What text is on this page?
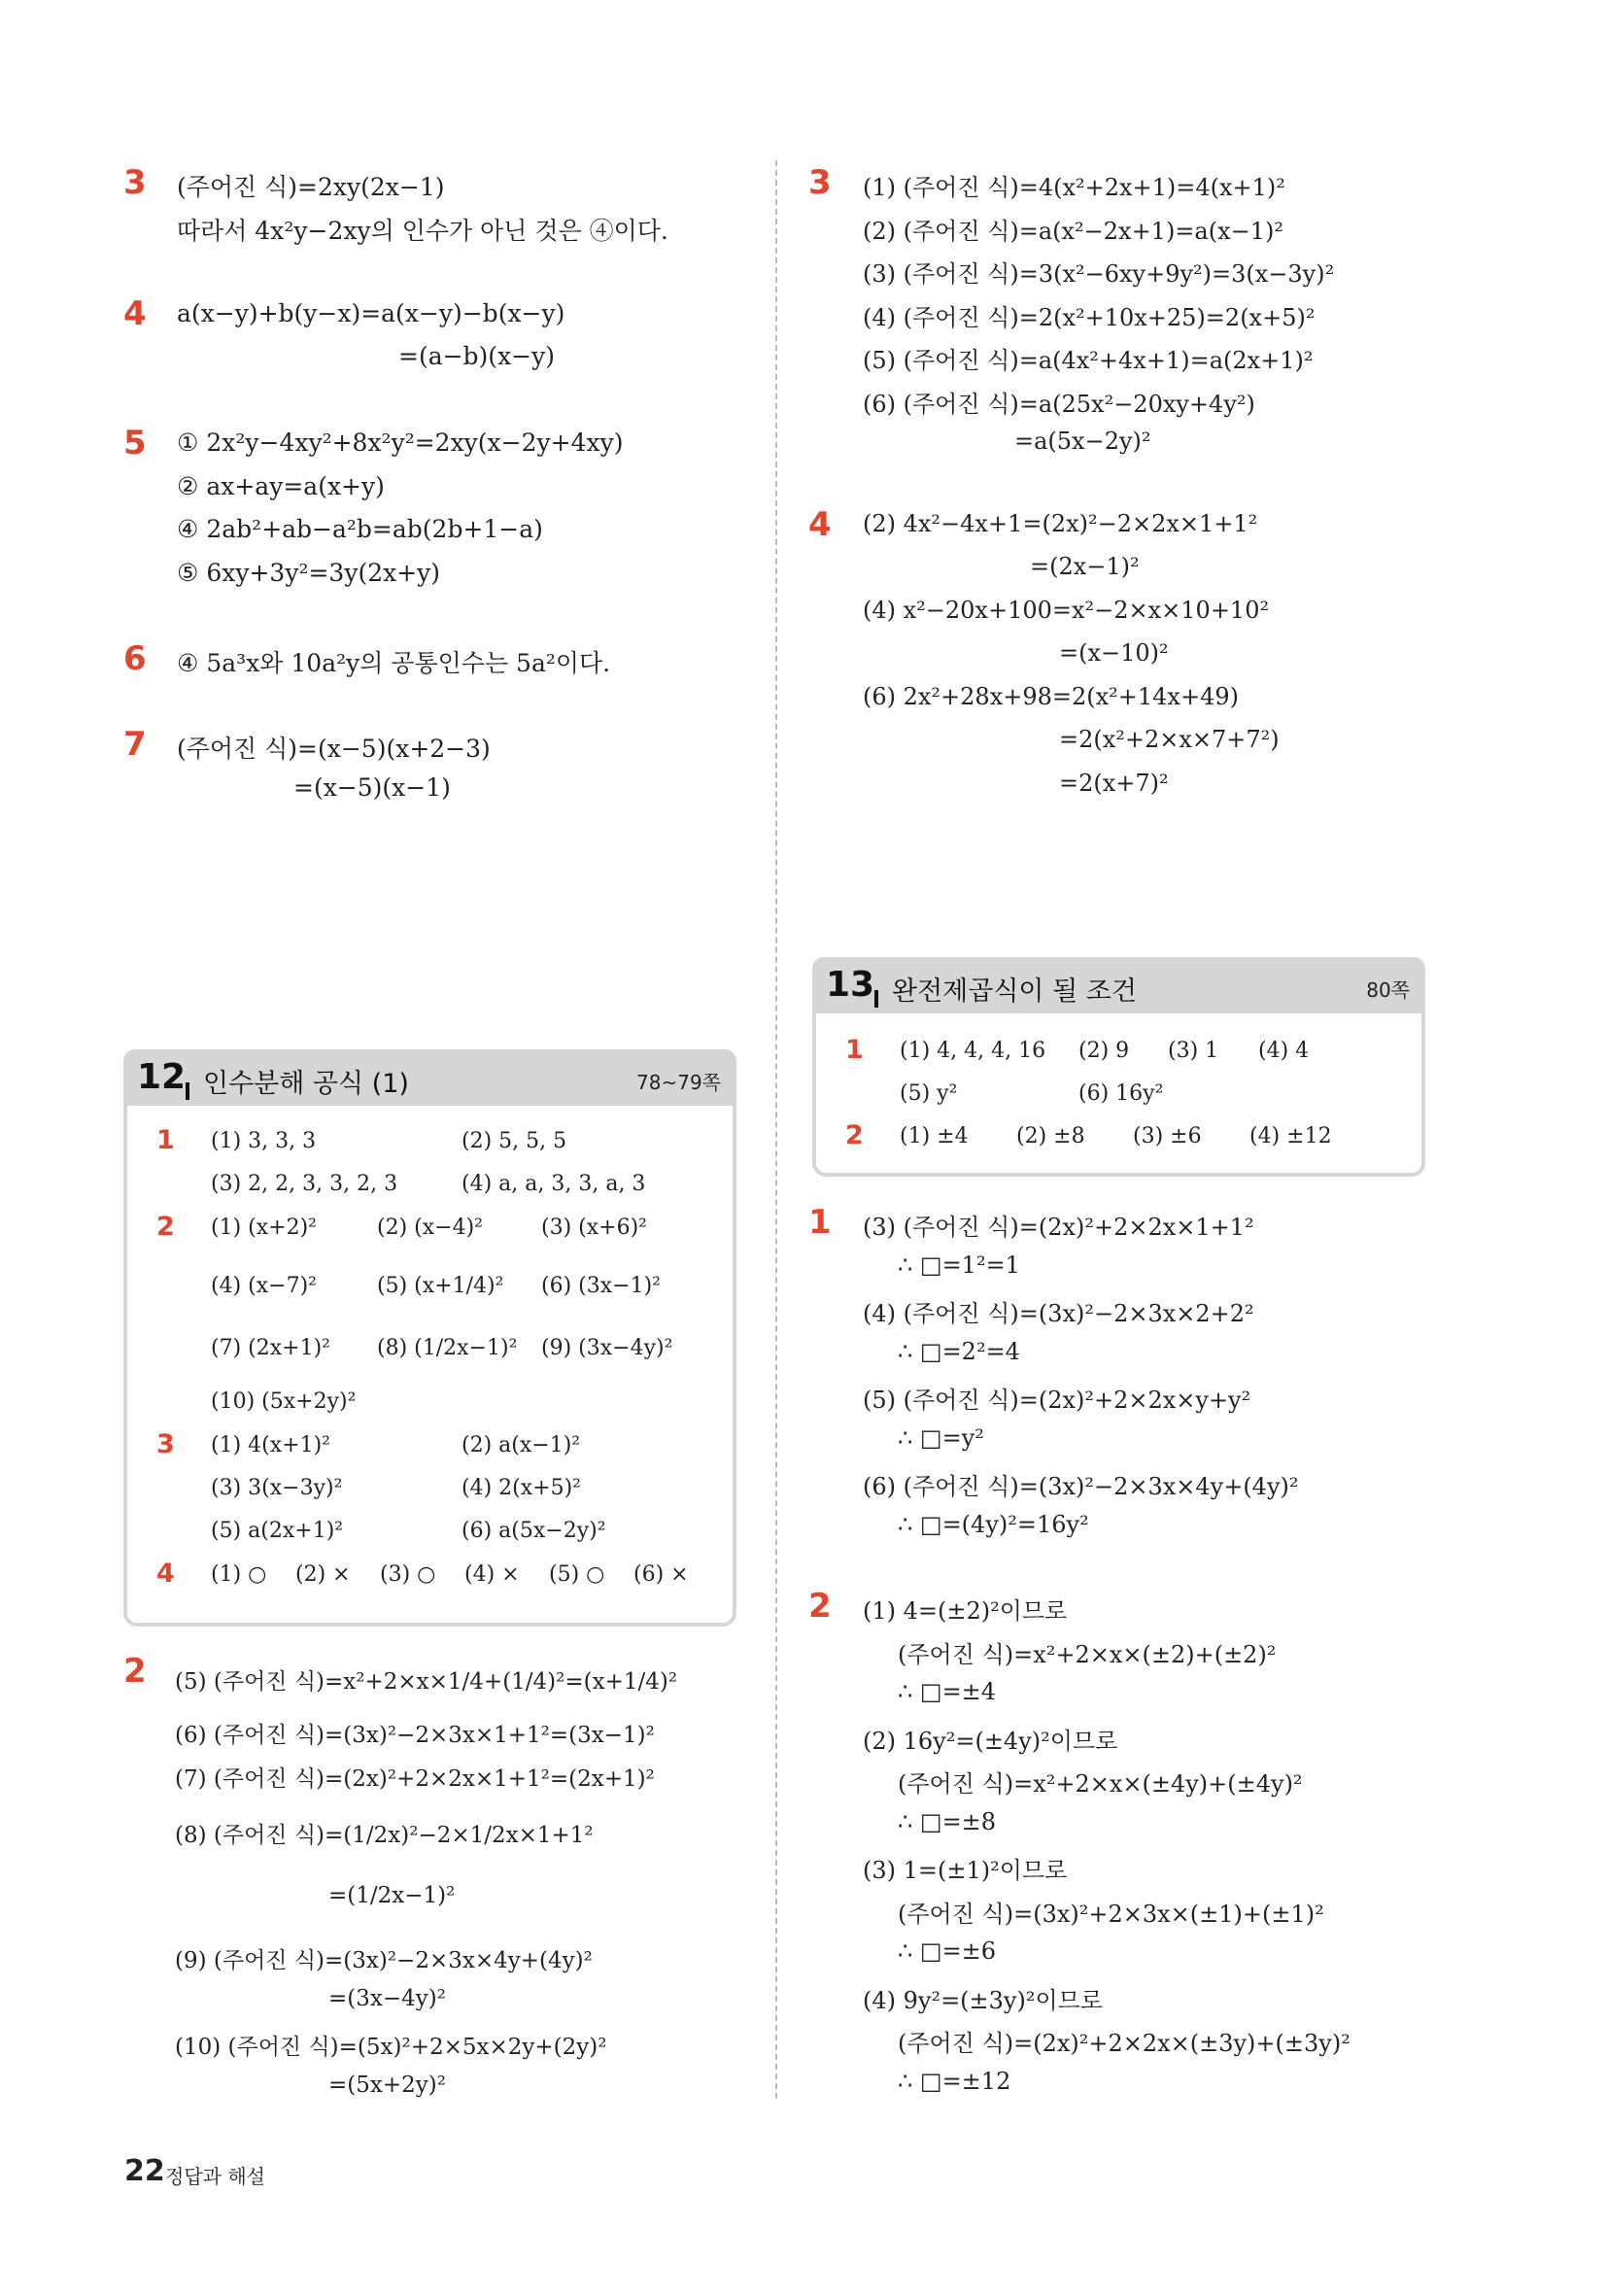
3 (주어진 식)=2xy(2x−1)
따라서 4x²y−2xy의 인수가 아닌 것은 ④이다.
4 a(x−y)+b(y−x)=a(x−y)−b(x−y)
=(a−b)(x−y)
5 ① 2x²y−4xy²+8x²y²=2xy(x−2y+4xy)
② ax+ay=a(x+y)
④ 2ab²+ab−a²b=ab(2b+1−a)
⑤ 6xy+3y²=3y(2x+y)
6 ④ 5a³x와 10a²y의 공통인수는 5a²이다.
7 (주어진 식)=(x−5)(x+2−3)
=(x−5)(x−1)
12 인수분해 공식 (1)	78~79쪽
1 (1) 3, 3, 3	(2) 5, 5, 5
(3) 2, 2, 3, 3, 2, 3	(4) a, a, 3, 3, a, 3
2 (1) (x+2)²	(2) (x−4)²	(3) (x+6)²
(4) (x−7)²	(5) (x+1/4)² (6) (3x−1)²
(7) (2x+1)² (8) (1/2x−1)² (9) (3x−4y)²
(10) (5x+2y)²
3 (1) 4(x+1)²	(2) a(x−1)²
(3) 3(x−3y)²	(4) 2(x+5)²
(5) a(2x+1)²	(6) a(5x−2y)²
4 (1) ○ (2) × (3) ○ (4) × (5) ○ (6) ×
2 (5) (주어진 식)=x²+2×x×1/4+(1/4)²=(x+1/4)²
(6) (주어진 식)=(3x)²−2×3x×1+1²=(3x−1)²
(7) (주어진 식)=(2x)²+2×2x×1+1²=(2x+1)²
(8) (주어진 식)=(1/2x)²−2×1/2x×1+1²
=(1/2x−1)²
(9) (주어진 식)=(3x)²−2×3x×4y+(4y)²
=(3x−4y)²
(10) (주어진 식)=(5x)²+2×5x×2y+(2y)²
=(5x+2y)²
3 (1) (주어진 식)=4(x²+2x+1)=4(x+1)²
(2) (주어진 식)=a(x²−2x+1)=a(x−1)²
(3) (주어진 식)=3(x²−6xy+9y²)=3(x−3y)²
(4) (주어진 식)=2(x²+10x+25)=2(x+5)²
(5) (주어진 식)=a(4x²+4x+1)=a(2x+1)²
(6) (주어진 식)=a(25x²−20xy+4y²)
=a(5x−2y)²
4 (2) 4x²−4x+1=(2x)²−2×2x×1+1²
=(2x−1)²
(4) x²−20x+100=x²−2×x×10+10²
=(x−10)²
(6) 2x²+28x+98=2(x²+14x+49)
=2(x²+2×x×7+7²)
=2(x+7)²
13 완전제곱식이 될 조건	80쪽
1 (1) 4, 4, 4, 16 (2) 9 (3) 1 (4) 4
(5) y²	(6) 16y²
2 (1) ±4 (2) ±8 (3) ±6 (4) ±12
1 (3) (주어진 식)=(2x)²+2×2x×1+1²
∴ □=1²=1
(4) (주어진 식)=(3x)²−2×3x×2+2²
∴ □=2²=4
(5) (주어진 식)=(2x)²+2×2x×y+y²
∴ □=y²
(6) (주어진 식)=(3x)²−2×3x×4y+(4y)²
∴ □=(4y)²=16y²
2 (1) 4=(±2)²이므로
(주어진 식)=x²+2×x×(±2)+(±2)²
∴ □=±4
(2) 16y²=(±4y)²이므로
(주어진 식)=x²+2×x×(±4y)+(±4y)²
∴ □=±8
(3) 1=(±1)²이므로
(주어진 식)=(3x)²+2×3x×(±1)+(±1)²
∴ □=±6
(4) 9y²=(±3y)²이므로
(주어진 식)=(2x)²+2×2x×(±3y)+(±3y)²
∴ □=±12
22 정답과 해설
